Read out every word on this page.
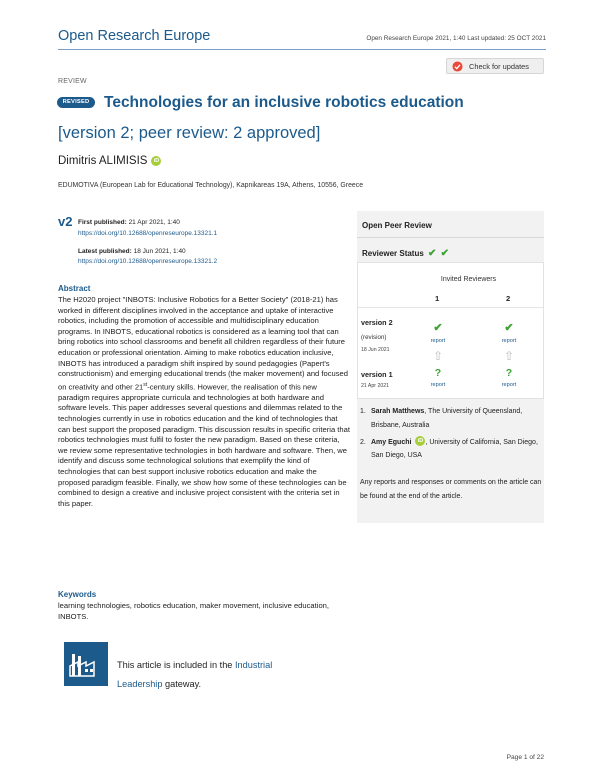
Open Research Europe	Open Research Europe 2021, 1:40 Last updated: 25 OCT 2021
REVIEW
Check for updates
REVISED Technologies for an inclusive robotics education
[version 2; peer review: 2 approved]
Dimitris ALIMISIS iD
EDUMOTIVA (European Lab for Educational Technology), Kapnikareas 19A, Athens, 10556, Greece
v2 First published: 21 Apr 2021, 1:40
https://doi.org/10.12688/openreseurope.13321.1
Latest published: 18 Jun 2021, 1:40
https://doi.org/10.12688/openreseurope.13321.2
Abstract
The H2020 project "INBOTS: Inclusive Robotics for a Better Society" (2018-21) has worked in different disciplines involved in the acceptance and uptake of interactive robotics, including the promotion of accessible and multidisciplinary education programs. In INBOTS, educational robotics is considered as a learning tool that can bring robotics into school classrooms and benefit all children regardless of their future education or professional orientation. Aiming to make robotics education inclusive, INBOTS has introduced a paradigm shift inspired by sound pedagogies (Papert's constructionism) and emerging educational trends (the maker movement) and focused on creativity and other 21st-century skills. However, the realisation of this new paradigm requires appropriate curricula and technologies at both hardware and software levels. This paper addresses several questions and dilemmas related to the technologies currently in use in robotics education and the kind of technologies that can best support the proposed paradigm. This discussion results in specific criteria that robotics technologies must fulfil to foster the new paradigm. Based on these criteria, we review some representative technologies in both hardware and software. Then, we identify and discuss some technological solutions that exemplify the kind of technologies that can best support inclusive robotics education and make the proposed paradigm feasible. Finally, we show how some of these technologies can be combined to design a creative and inclusive project consistent with the criteria set in this paper.
Keywords
learning technologies, robotics education, maker movement, inclusive education, INBOTS.
This article is included in the Industrial Leadership gateway.
Open Peer Review
Reviewer Status ✔ ✔
Invited Reviewers
1	2
version 2
(revision)
18 Jun 2021
✔	✔
report	report
⇧	⇧
version 1
21 Apr 2021
?	?
report	report
1. Sarah Matthews, The University of Queensland, Brisbane, Australia
2. Amy Eguchi iD , University of California, San Diego, San Diego, USA
Any reports and responses or comments on the article can be found at the end of the article.
Page 1 of 22
